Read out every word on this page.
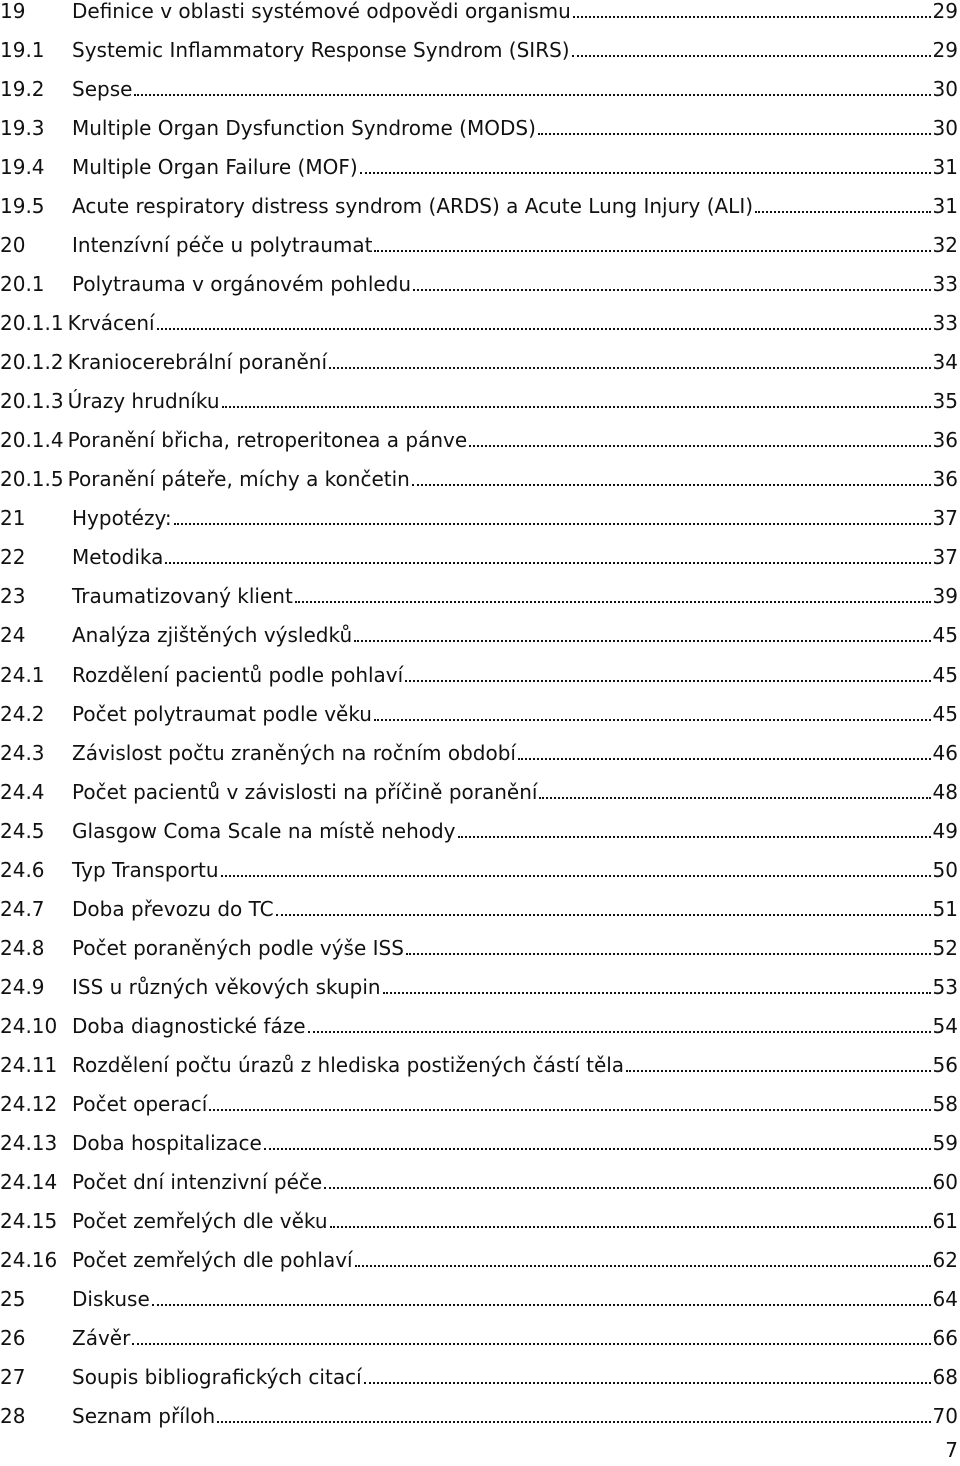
19	Definice v oblasti systémové odpovědi organismu	29
19.1	Systemic Inflammatory Response Syndrom (SIRS)	29
19.2	Sepse	30
19.3	Multiple Organ Dysfunction Syndrome (MODS)	30
19.4	Multiple Organ Failure (MOF)	31
19.5	Acute respiratory distress syndrom (ARDS) a Acute Lung Injury (ALI)	31
20	Intenzívní péče u polytraumat	32
20.1	Polytrauma v orgánovém pohledu	33
20.1.1 Krvácení	33
20.1.2 Kraniocerebrální poranění	34
20.1.3 Úrazy hrudníku	35
20.1.4 Poranění břicha, retroperitonea a pánve	36
20.1.5 Poranění páteře, míchy a končetin	36
21	Hypotézy:	37
22	Metodika	37
23	Traumatizovaný klient	39
24	Analýza zjištěných výsledků	45
24.1	Rozdělení pacientů podle pohlaví	45
24.2	Počet polytraumat podle věku	45
24.3	Závislost počtu zraněných na ročním období	46
24.4	Počet pacientů v závislosti na příčině poranění	48
24.5	Glasgow Coma Scale na místě nehody	49
24.6	Typ Transportu	50
24.7	Doba převozu do TC	51
24.8	Počet poraněných podle výše ISS	52
24.9	ISS u různých věkových skupin	53
24.10 Doba diagnostické fáze	54
24.11 Rozdělení počtu úrazů z hlediska postižených částí těla	56
24.12 Počet operací	58
24.13 Doba hospitalizace	59
24.14 Počet dní intenzivní péče	60
24.15 Počet zemřelých dle věku	61
24.16 Počet zemřelých dle pohlaví	62
25	Diskuse	64
26	Závěr	66
27	Soupis bibliografických citací	68
28	Seznam příloh	70
7
